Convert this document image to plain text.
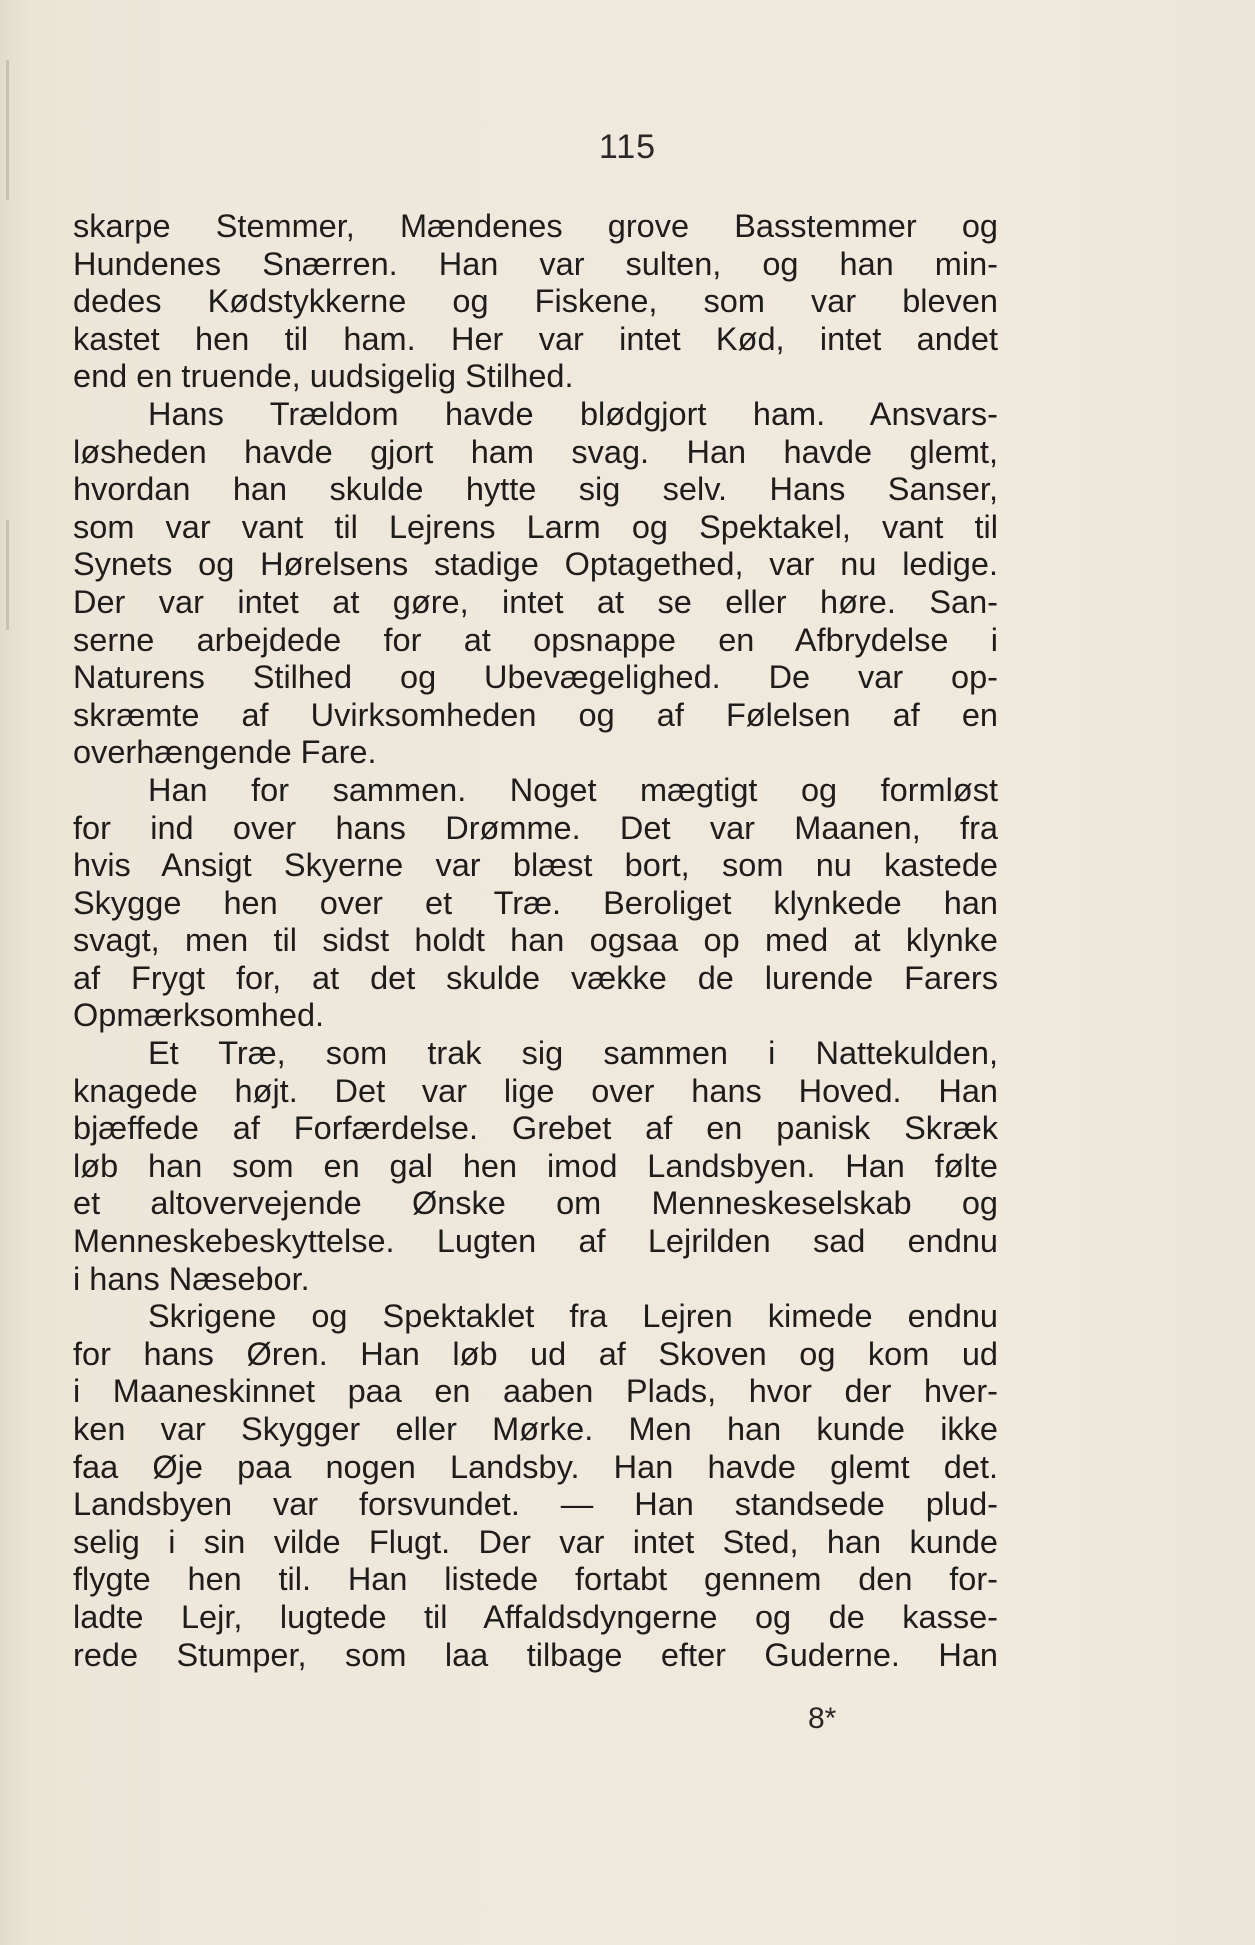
115
skarpe Stemmer, Mændenes grove Basstemmer og
Hundenes Snærren. Han var sulten, og han min-
dedes Kødstykkerne og Fiskene, som var bleven
kastet hen til ham. Her var intet Kød, intet andet
end en truende, uudsigelig Stilhed.
Hans Trældom havde blødgjort ham. Ansvars-
løsheden havde gjort ham svag. Han havde glemt,
hvordan han skulde hytte sig selv. Hans Sanser,
som var vant til Lejrens Larm og Spektakel, vant til
Synets og Hørelsens stadige Optagethed, var nu ledige.
Der var intet at gøre, intet at se eller høre. San-
serne arbejdede for at opsnappe en Afbrydelse i
Naturens Stilhed og Ubevægelighed. De var op-
skræmte af Uvirksomheden og af Følelsen af en
overhængende Fare.
Han for sammen. Noget mægtigt og formløst
for ind over hans Drømme. Det var Maanen, fra
hvis Ansigt Skyerne var blæst bort, som nu kastede
Skygge hen over et Træ. Beroliget klynkede han
svagt, men til sidst holdt han ogsaa op med at klynke
af Frygt for, at det skulde vække de lurende Farers
Opmærksomhed.
Et Træ, som trak sig sammen i Nattekulden,
knagede højt. Det var lige over hans Hoved. Han
bjæffede af Forfærdelse. Grebet af en panisk Skræk
løb han som en gal hen imod Landsbyen. Han følte
et altovervejende Ønske om Menneskeselskab og
Menneskebeskyttelse. Lugten af Lejrilden sad endnu
i hans Næsebor.
Skrigene og Spektaklet fra Lejren kimede endnu
for hans Øren. Han løb ud af Skoven og kom ud
i Maaneskinnet paa en aaben Plads, hvor der hver-
ken var Skygger eller Mørke. Men han kunde ikke
faa Øje paa nogen Landsby. Han havde glemt det.
Landsbyen var forsvundet. — Han standsede plud-
selig i sin vilde Flugt. Der var intet Sted, han kunde
flygte hen til. Han listede fortabt gennem den for-
ladte Lejr, lugtede til Affaldsdyngerne og de kasse-
rede Stumper, som laa tilbage efter Guderne. Han
8*
